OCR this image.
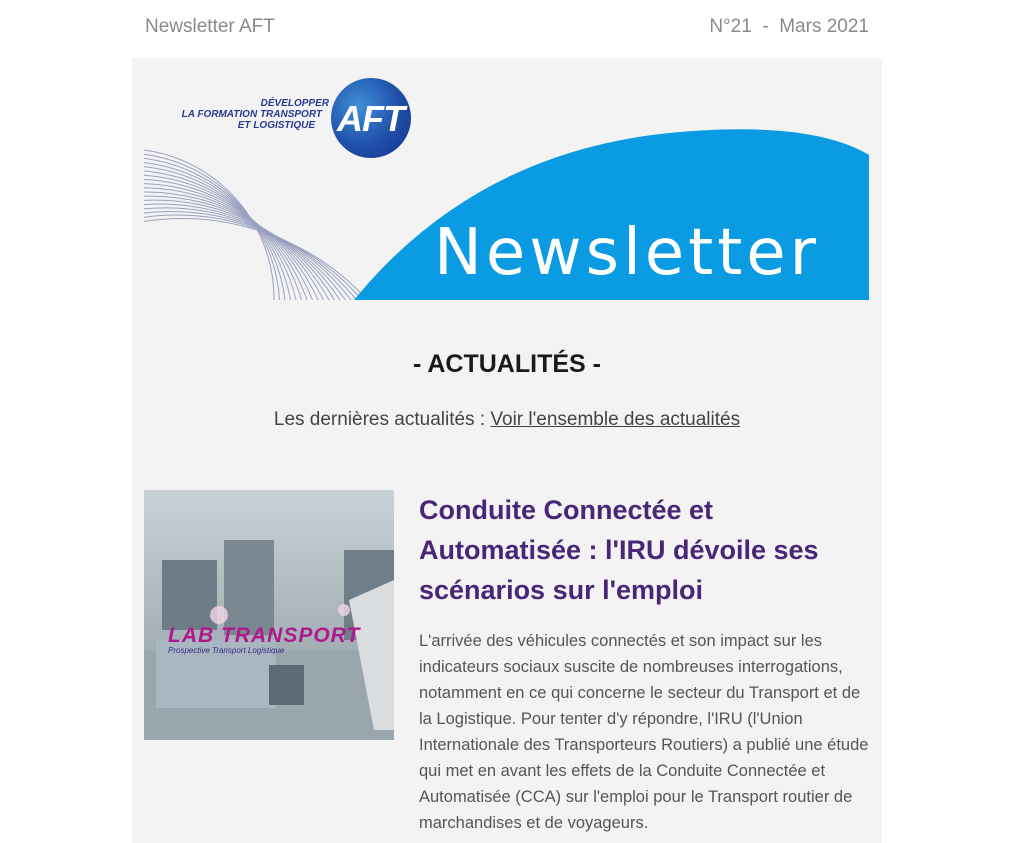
Newsletter AFT	N°21  -  Mars 2021
AFT
DÉVELOPPER
LA FORMATION TRANSPORT
ET LOGISTIQUE
Newsletter
- ACTUALITÉS -
Les dernières actualités : Voir l'ensemble des actualités
LAB TRANSPORT
Prospective Transport Logistique
Conduite Connectée et Automatisée : l'IRU dévoile ses scénarios sur l'emploi
L'arrivée des véhicules connectés et son impact sur les indicateurs sociaux suscite de nombreuses interrogations, notamment en ce qui concerne le secteur du Transport et de la Logistique. Pour tenter d'y répondre, l'IRU (l'Union Internationale des Transporteurs Routiers) a publié une étude qui met en avant les effets de la Conduite Connectée et Automatisée (CCA) sur l'emploi pour le Transport routier de marchandises et de voyageurs.
